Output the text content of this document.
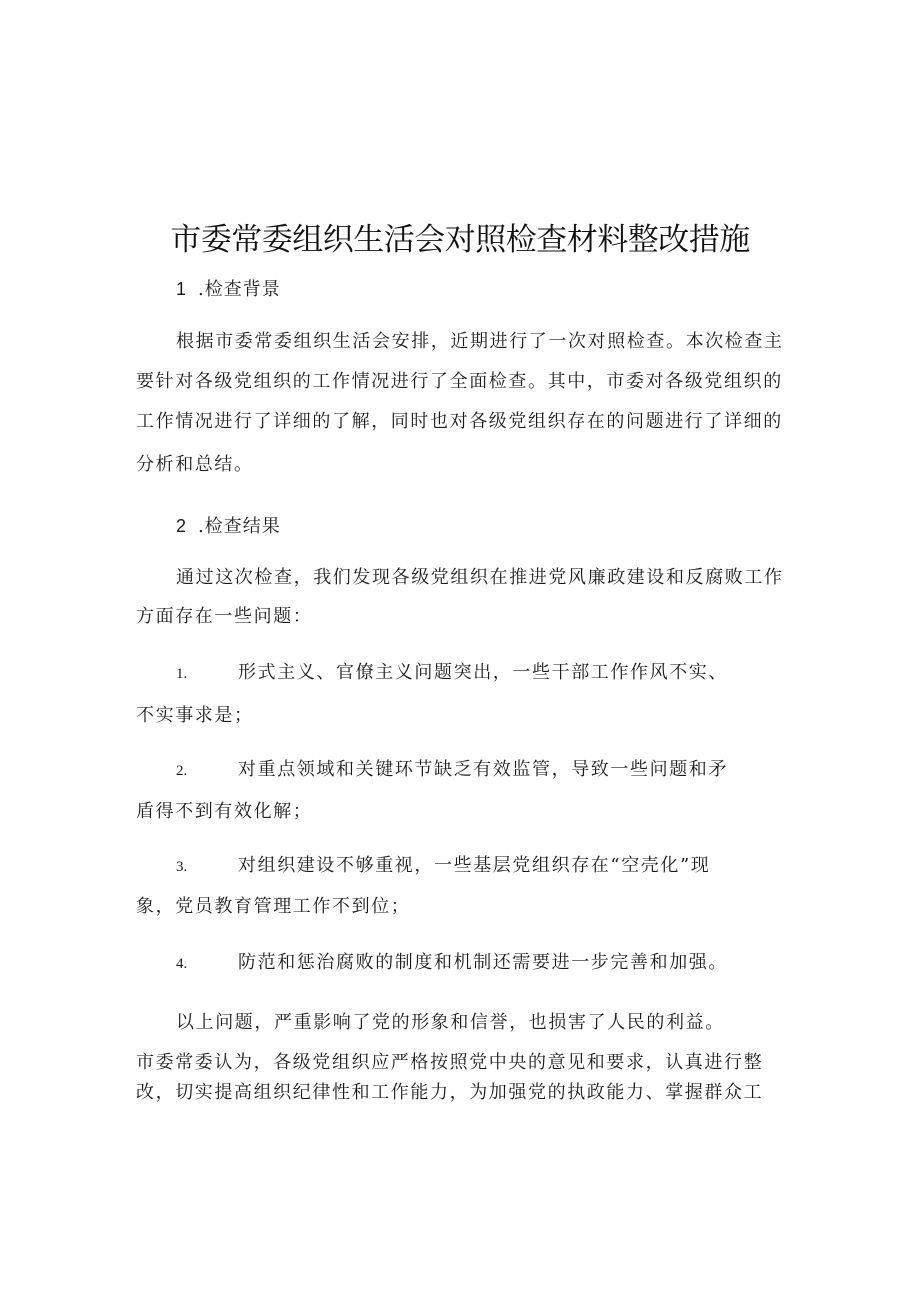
市委常委组织生活会对照检查材料整改措施
1 .检查背景
根据市委常委组织生活会安排，近期进行了一次对照检查。本次检查主
要针对各级党组织的工作情况进行了全面检查。其中，市委对各级党组织的
工作情况进行了详细的了解，同时也对各级党组织存在的问题进行了详细的
分析和总结。
2 .检查结果
通过这次检查，我们发现各级党组织在推进党风廉政建设和反腐败工作
方面存在一些问题：
1.	形式主义、官僚主义问题突出，一些干部工作作风不实、
不实事求是；
2.	对重点领域和关键环节缺乏有效监管，导致一些问题和矛
盾得不到有效化解；
3.	对组织建设不够重视，一些基层党组织存在“空壳化”现
象，党员教育管理工作不到位；
4.	防范和惩治腐败的制度和机制还需要进一步完善和加强。
以上问题，严重影响了党的形象和信誉，也损害了人民的利益。
市委常委认为，各级党组织应严格按照党中央的意见和要求，认真进行整
改，切实提高组织纪律性和工作能力，为加强党的执政能力、掌握群众工
